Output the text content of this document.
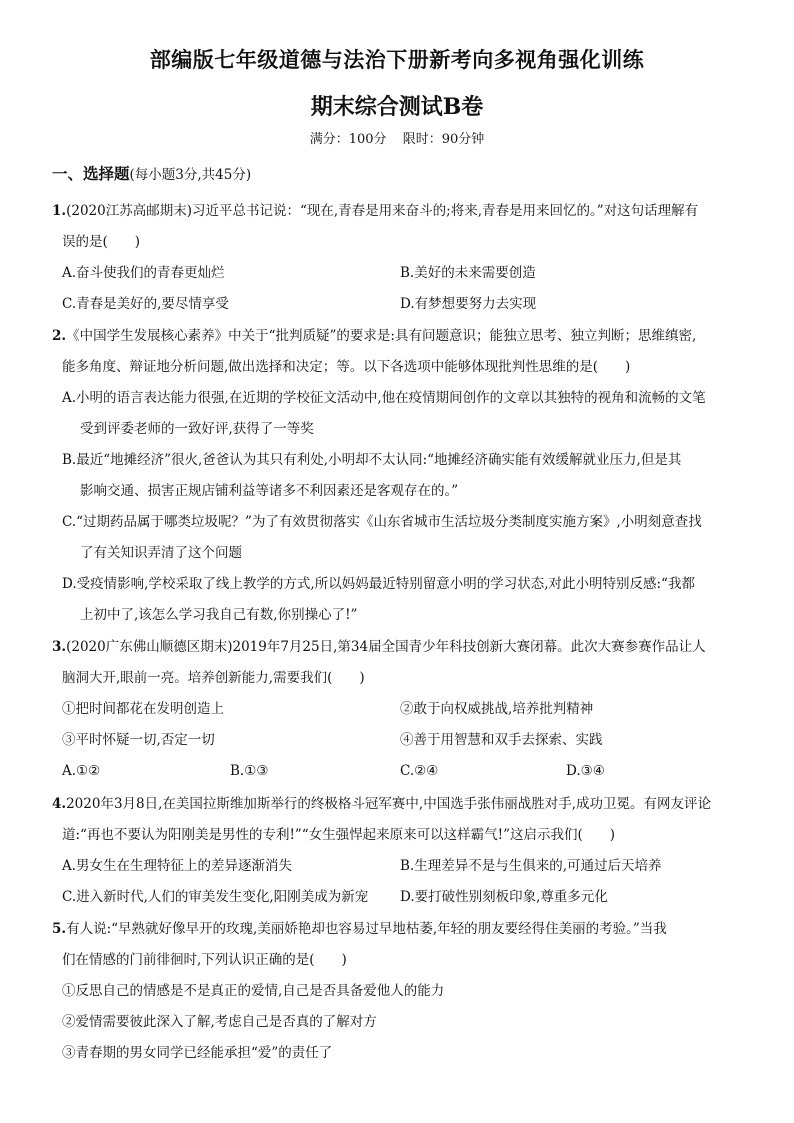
部编版七年级道德与法治下册新考向多视角强化训练
期末综合测试B卷
满分：100分 限时：90分钟
一、选择题(每小题3分,共45分)
1.(2020江苏高邮期末)习近平总书记说：“现在,青春是用来奋斗的;将来,青春是用来回忆的。”对这句话理解有
误的是(　　)
A.奋斗使我们的青春更灿烂	B.美好的未来需要创造
C.青春是美好的,要尽情享受	D.有梦想要努力去实现
2.《中国学生发展核心素养》中关于“批判质疑”的要求是:具有问题意识；能独立思考、独立判断；思维缜密,
能多角度、辩证地分析问题,做出选择和决定；等。以下各选项中能够体现批判性思维的是(　　)
A.小明的语言表达能力很强,在近期的学校征文活动中,他在疫情期间创作的文章以其独特的视角和流畅的文笔
受到评委老师的一致好评,获得了一等奖
B.最近“地摊经济”很火,爸爸认为其只有利处,小明却不太认同:“地摊经济确实能有效缓解就业压力,但是其
影响交通、损害正规店铺利益等诸多不利因素还是客观存在的。”
C.“过期药品属于哪类垃圾呢？”为了有效贯彻落实《山东省城市生活垃圾分类制度实施方案》,小明刻意查找
了有关知识弄清了这个问题
D.受疫情影响,学校采取了线上教学的方式,所以妈妈最近特别留意小明的学习状态,对此小明特别反感:“我都
上初中了,该怎么学习我自己有数,你别操心了!”
3.(2020广东佛山顺德区期末)2019年7月25日,第34届全国青少年科技创新大赛闭幕。此次大赛参赛作品让人
脑洞大开,眼前一亮。培养创新能力,需要我们(　　)
①把时间都花在发明创造上	②敢于向权威挑战,培养批判精神
③平时怀疑一切,否定一切	④善于用智慧和双手去探索、实践
A.①②	B.①③	C.②④	D.③④
4.2020年3月8日,在美国拉斯维加斯举行的终极格斗冠军赛中,中国选手张伟丽战胜对手,成功卫冕。有网友评论
道:“再也不要认为阳刚美是男性的专利!”“女生强悍起来原来可以这样霸气!”这启示我们(　　)
A.男女生在生理特征上的差异逐渐消失	B.生理差异不是与生俱来的,可通过后天培养
C.进入新时代,人们的审美发生变化,阳刚美成为新宠 D.要打破性别刻板印象,尊重多元化
5.有人说:“早熟就好像早开的玫瑰,美丽娇艳却也容易过早地枯萎,年轻的朋友要经得住美丽的考验。”当我
们在情感的门前徘徊时,下列认识正确的是(　　)
①反思自己的情感是不是真正的爱情,自己是否具备爱他人的能力
②爱情需要彼此深入了解,考虑自己是否真的了解对方
③青春期的男女同学已经能承担“爱”的责任了
